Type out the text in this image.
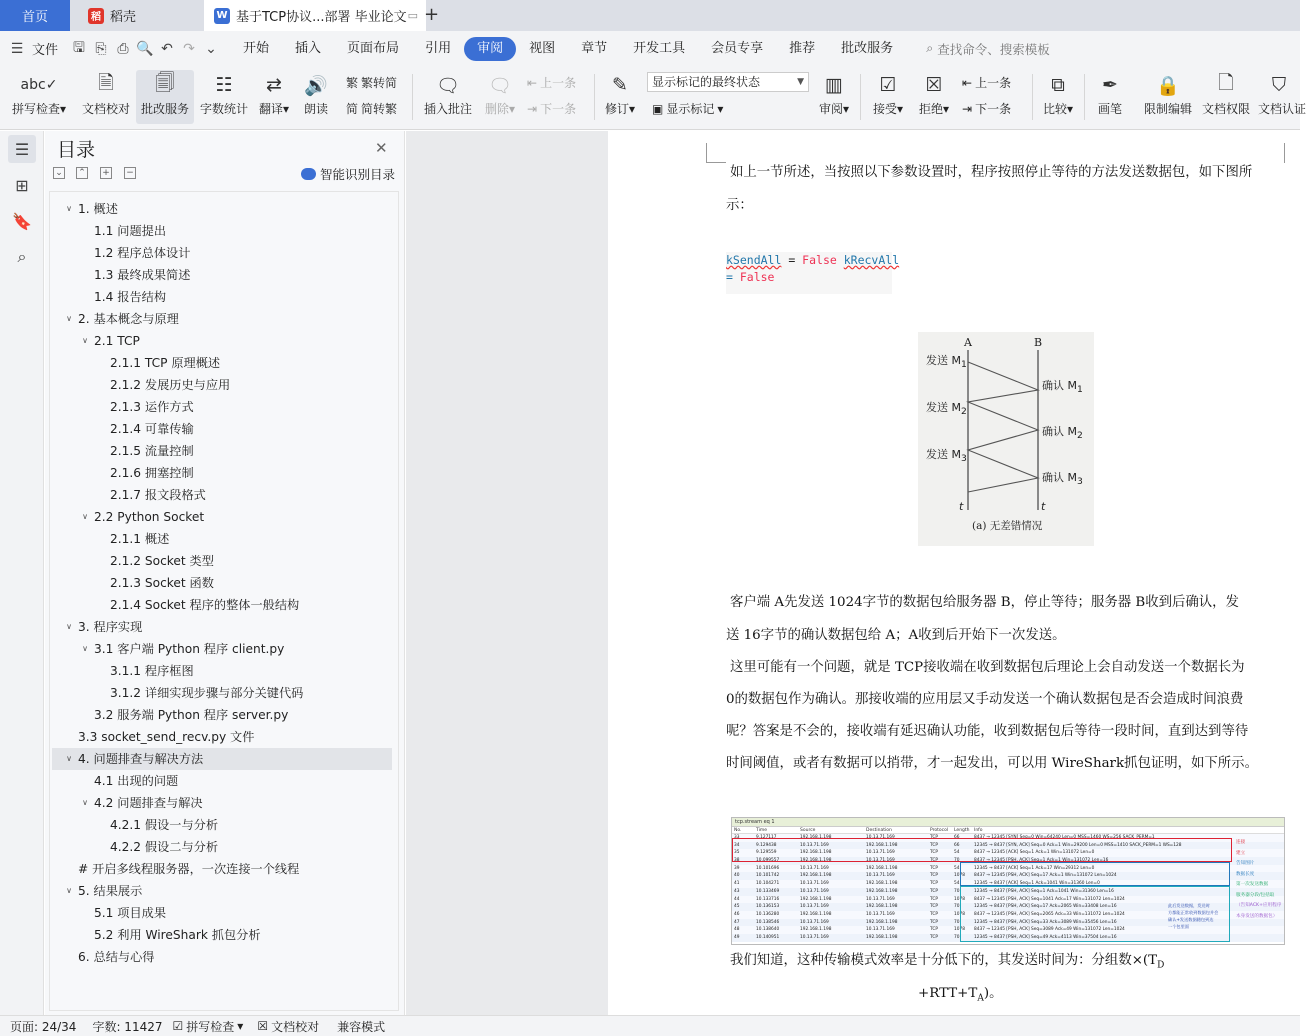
首页	稻 稻壳	W 基于TCP协议...部署 毕业论文 ▭ +
☰ 文件	🖫 ⎘ ⎙ 🔍 ↶ ↷ ⌄	开始	插入	页面布局	引用	审阅	视图	章节	开发工具	会员专享	推荐	批改服务	⌕ 查找命令、搜索模板
abc✓
拼写检查▾
🗎
文档校对
🗐
批改服务
☷
字数统计
⇄
翻译▾
🔊
朗读
繁 繁转简
简 简转繁
🗨
插入批注
🗨
删除▾
⇤ 上一条
⇥ 下一条
✎
修订▾	▣ 显示标记 ▾
▥
审阅▾
☑
接受▾
☒
拒绝▾
⇤ 上一条
⇥ 下一条
⧉
比较▾
✒
画笔
🔒
限制编辑
🗋
文档权限
⛉
文档认证
显示标记的最终状态	▼
☰
⊞
🔖
⌕
目录	✕
⌄ ⌃ + −	智能识别目录
∨ 1. 概述
1.1 问题提出
1.2 程序总体设计
1.3 最终成果简述
1.4 报告结构
∨ 2. 基本概念与原理
∨ 2.1 TCP
2.1.1 TCP 原理概述
2.1.2 发展历史与应用
2.1.3 运作方式
2.1.4 可靠传输
2.1.5 流量控制
2.1.6 拥塞控制
2.1.7 报文段格式
∨ 2.2 Python Socket
2.1.1 概述
2.1.2 Socket 类型
2.1.3 Socket 函数
2.1.4 Socket 程序的整体一般结构
∨ 3. 程序实现
∨ 3.1 客户端 Python 程序 client.py
3.1.1 程序框图
3.1.2 详细实现步骤与部分关键代码
3.2 服务端 Python 程序 server.py
3.3 socket_send_recv.py 文件
∨ 4. 问题排查与解决方法
4.1 出现的问题
∨ 4.2 问题排查与解决
4.2.1 假设一与分析
4.2.2 假设二与分析
# 开启多线程服务器，一次连接一个线程
∨ 5. 结果展示
5.1 项目成果
5.2 利用 WireShark 抓包分析
6. 总结与心得
如上一节所述，当按照以下参数设置时，程序按照停止等待的方法发送数据包，如下图所
示：
kSendAll = False kRecvAll
= False
A	B
发送 $M_1$
发送 $M_2$
发送 $M_3$
确认 $M_1$
确认 $M_2$
确认 $M_3$
t	t
(a) 无差错情况
客户端 A先发送 1024字节的数据包给服务器 B，停止等待；服务器 B收到后确认，发
送 16字节的确认数据包给 A；A收到后开始下一次发送。
这里可能有一个问题，就是 TCP接收端在收到数据包后理论上会自动发送一个数据长为
0的数据包作为确认。那接收端的应用层又手动发送一个确认数据包是否会造成时间浪费
呢？答案是不会的，接收端有延迟确认功能，收到数据包后等待一段时间，直到达到等待
时间阈值，或者有数据可以捎带，才一起发出，可以用 WireShark抓包证明，如下所示。
tcp.stream eq 1
No.	Time	Source	Destination	Protocol	Length Info
33	9.127117	192.168.1.198	10.13.71.169	TCP	66	8437 → 12345 [SYN] Seq=0 Win=64240 Len=0 MSS=1460 WS=256 SACK_PERM=1
34	9.129438	10.13.71.169	192.168.1.198	TCP	66	12345 → 8437 [SYN, ACK] Seq=0 Ack=1 Win=29200 Len=0 MSS=1410 SACK_PERM=1 WS=128
35	9.129559	192.168.1.198	10.13.71.169	TCP	54	8437 → 12345 [ACK] Seq=1 Ack=1 Win=131072 Len=0
38	10.099557	192.168.1.198	10.13.71.169	TCP	70	8437 → 12345 [PSH, ACK] Seq=1 Ack=1 Win=131072 Len=16
39	10.101696	10.13.71.169	192.168.1.198	TCP	54	12345 → 8437 [ACK] Seq=1 Ack=17 Win=29312 Len=0
40	10.101742	192.168.1.198	10.13.71.169	TCP	1078	8437 → 12345 [PSH, ACK] Seq=17 Ack=1 Win=131072 Len=1024
41	10.104271	10.13.71.169	192.168.1.198	TCP	54	12345 → 8437 [ACK] Seq=1 Ack=1041 Win=31360 Len=0
43	10.133469	10.13.71.169	192.168.1.198	TCP	70	12345 → 8437 [PSH, ACK] Seq=1 Ack=1041 Win=31360 Len=16
44	10.133716	192.168.1.198	10.13.71.169	TCP	1078	8437 → 12345 [PSH, ACK] Seq=1041 Ack=17 Win=131072 Len=1024
45	10.136153	10.13.71.169	192.168.1.198	TCP	70	12345 → 8437 [PSH, ACK] Seq=17 Ack=2065 Win=33408 Len=16
46	10.136280	192.168.1.198	10.13.71.169	TCP	1078	8437 → 12345 [PSH, ACK] Seq=2065 Ack=33 Win=131072 Len=1024
47	10.138546	10.13.71.169	192.168.1.198	TCP	70	12345 → 8437 [PSH, ACK] Seq=33 Ack=3089 Win=35456 Len=16
48	10.138640	192.168.1.198	10.13.71.169	TCP	1078	8437 → 12345 [PSH, ACK] Seq=3089 Ack=49 Win=131072 Len=1024
49	10.140951	10.13.71.169	192.168.1.198	TCP	70	12345 → 8437 [PSH, ACK] Seq=49 Ack=4113 Win=37504 Len=16
连接
建立
告知图片
数据长度
第一次发送数据
服务器分段/包括取
（告知ACK+应用程序
本身发送的数据包）
此后发送数据，发送时
方都能正常收到数据包并会
确认+发送数据随包到达
一个包里面
我们知道，这种传输模式效率是十分低下的，其发送时间为：分组数$\times(T_D$
$+RTT+T_A$)。
页面: 24/34 字数: 11427 ☑ 拼写检查 ▾ ☒ 文档校对 兼容模式
